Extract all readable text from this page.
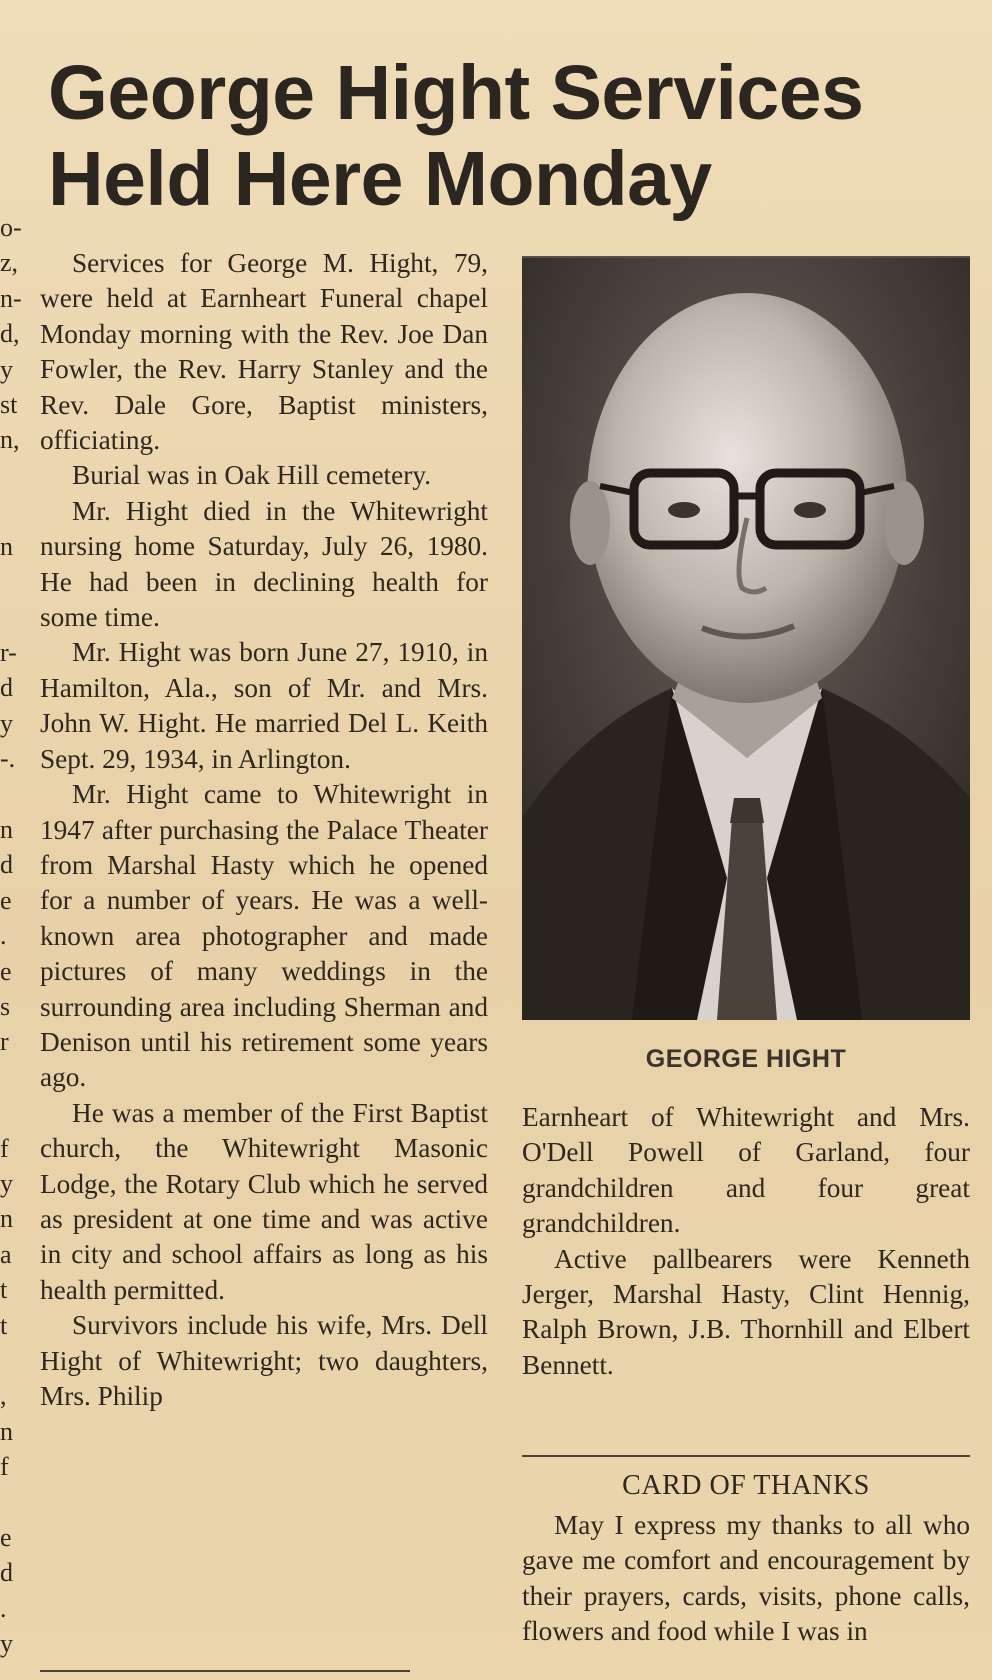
o-
z,
n-
d,
y
st
n,

n

r-
d
y
-.

n
d
e
.
e
s
r

f
y
n
a
t
t

,
n
f

e
d
.
y
George Hight Services
Held Here Monday

Services for George M. Hight, 79, were held at Earnheart Funeral chapel Monday morning with the Rev. Joe Dan Fowler, the Rev. Harry Stanley and the Rev. Dale Gore, Baptist ministers, officiating.

Burial was in Oak Hill cemetery.

Mr. Hight died in the Whitewright nursing home Saturday, July 26, 1980. He had been in declining health for some time.

Mr. Hight was born June 27, 1910, in Hamilton, Ala., son of Mr. and Mrs. John W. Hight. He married Del L. Keith Sept. 29, 1934, in Arlington.

Mr. Hight came to Whitewright in 1947 after purchasing the Palace Theater from Marshal Hasty which he opened for a number of years. He was a well-known area photographer and made pictures of many weddings in the surrounding area including Sherman and Denison until his retirement some years ago.

He was a member of the First Baptist church, the Whitewright Masonic Lodge, the Rotary Club which he served as president at one time and was active in city and school affairs as long as his health permitted.

Survivors include his wife, Mrs. Dell Hight of Whitewright; two daughters, Mrs. Philip

GEORGE HIGHT

Earnheart of Whitewright and Mrs. O'Dell Powell of Garland, four grandchildren and four great grandchildren.

Active pallbearers were Kenneth Jerger, Marshal Hasty, Clint Hennig, Ralph Brown, J.B. Thornhill and Elbert Bennett.

CARD OF THANKS

May I express my thanks to all who gave me comfort and encouragement by their prayers, cards, visits, phone calls, flowers and food while I was in
